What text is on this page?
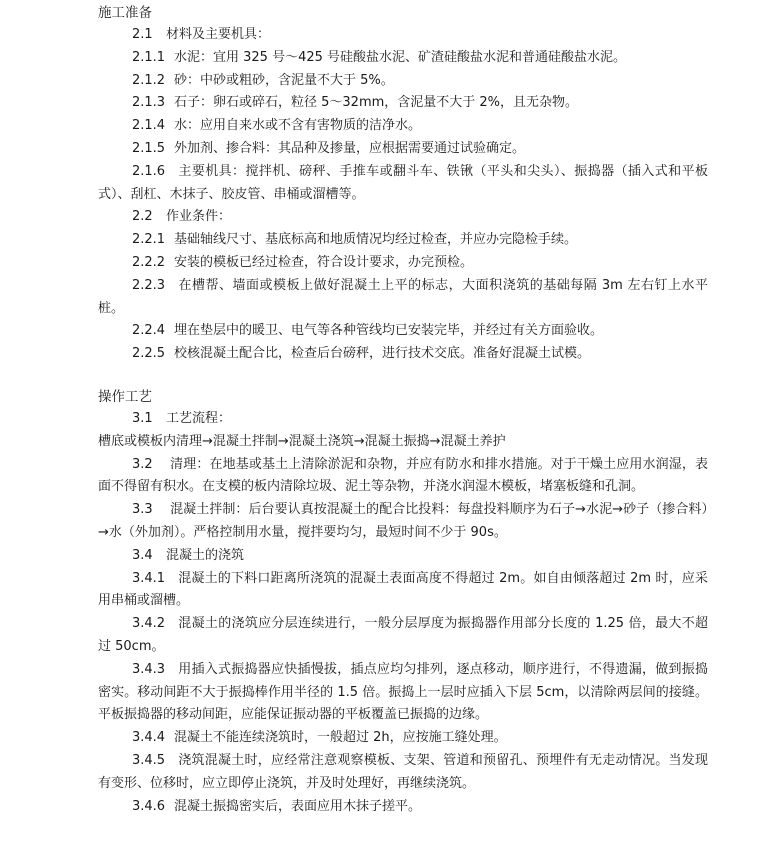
施工准备
2.1 材料及主要机具：
2.1.1 水泥：宜用 325 号～425 号硅酸盐水泥、矿渣硅酸盐水泥和普通硅酸盐水泥。
2.1.2 砂：中砂或粗砂，含泥量不大于 5%。
2.1.3 石子：卵石或碎石，粒径 5～32mm，含泥量不大于 2%，且无杂物。
2.1.4 水：应用自来水或不含有害物质的洁净水。
2.1.5 外加剂、掺合料：其品种及掺量，应根据需要通过试验确定。
2.1.6 主要机具：搅拌机、磅秤、手推车或翻斗车、铁锹（平头和尖头）、振捣器（插入式和平板式）、刮杠、木抹子、胶皮管、串桶或溜槽等。
2.2 作业条件：
2.2.1 基础轴线尺寸、基底标高和地质情况均经过检查，并应办完隐检手续。
2.2.2 安装的模板已经过检查，符合设计要求，办完预检。
2.2.3 在槽帮、墙面或模板上做好混凝土上平的标志，大面积浇筑的基础每隔 3m 左右钉上水平桩。
2.2.4 埋在垫层中的暖卫、电气等各种管线均已安装完毕，并经过有关方面验收。
2.2.5 校核混凝土配合比，检查后台磅秤，进行技术交底。准备好混凝土试模。
操作工艺
3.1 工艺流程：
槽底或模板内清理→混凝土拌制→混凝土浇筑→混凝土振捣→混凝土养护
3.2 清理：在地基或基土上清除淤泥和杂物，并应有防水和排水措施。对于干燥土应用水润湿，表面不得留有积水。在支模的板内清除垃圾、泥土等杂物，并浇水润湿木模板，堵塞板缝和孔洞。
3.3 混凝土拌制：后台要认真按混凝土的配合比投料：每盘投料顺序为石子→水泥→砂子（掺合料）→水（外加剂）。严格控制用水量，搅拌要均匀，最短时间不少于 90s。
3.4 混凝土的浇筑
3.4.1 混凝土的下料口距离所浇筑的混凝土表面高度不得超过 2m。如自由倾落超过 2m 时，应采用串桶或溜槽。
3.4.2 混凝土的浇筑应分层连续进行，一般分层厚度为振捣器作用部分长度的 1.25 倍，最大不超过 50cm。
3.4.3 用插入式振捣器应快插慢拔，插点应均匀排列，逐点移动，顺序进行，不得遗漏，做到振捣密实。移动间距不大于振捣棒作用半径的 1.5 倍。振捣上一层时应插入下层 5cm，以清除两层间的接缝。平板振捣器的移动间距，应能保证振动器的平板覆盖已振捣的边缘。
3.4.4 混凝土不能连续浇筑时，一般超过 2h，应按施工缝处理。
3.4.5 浇筑混凝土时，应经常注意观察模板、支架、管道和预留孔、预埋件有无走动情况。当发现有变形、位移时，应立即停止浇筑，并及时处理好，再继续浇筑。
3.4.6 混凝土振捣密实后，表面应用木抹子搓平。
